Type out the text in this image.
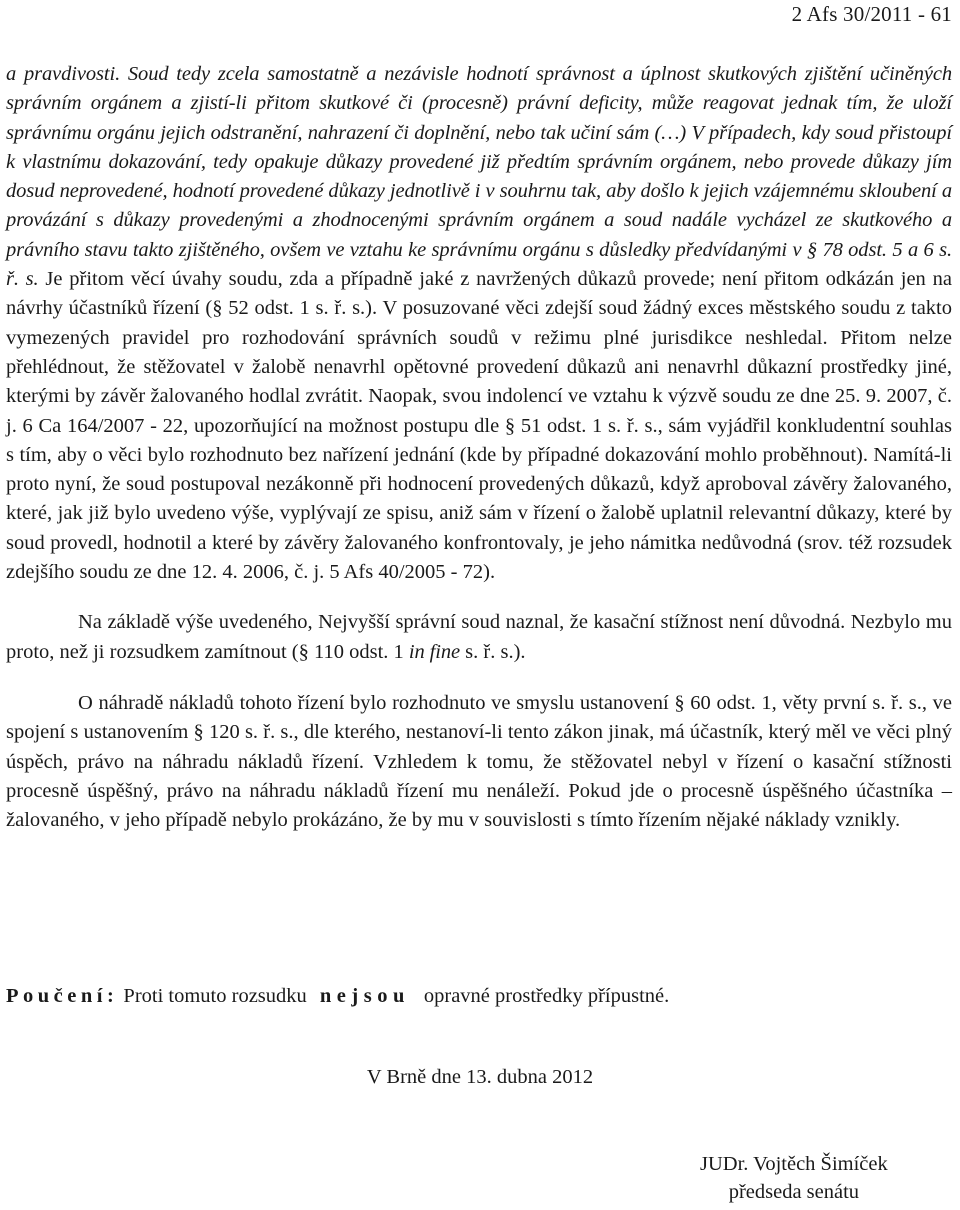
2 Afs 30/2011 - 61

a pravdivosti. Soud tedy zcela samostatně a nezávisle hodnotí správnost a úplnost skutkových zjištění učiněných správním orgánem a zjistí-li přitom skutkové či (procesně) právní deficity, může reagovat jednak tím, že uloží správnímu orgánu jejich odstranění, nahrazení či doplnění, nebo tak učiní sám (…) V případech, kdy soud přistoupí k vlastnímu dokazování, tedy opakuje důkazy provedené již předtím správním orgánem, nebo provede důkazy jím dosud neprovedené, hodnotí provedené důkazy jednotlivě i v souhrnu tak, aby došlo k jejich vzájemnému skloubení a provázání s důkazy provedenými a zhodnocenými správním orgánem a soud nadále vycházel ze skutkového a právního stavu takto zjištěného, ovšem ve vztahu ke správnímu orgánu s důsledky předvídanými v § 78 odst. 5 a 6 s. ř. s. Je přitom věcí úvahy soudu, zda a případně jaké z navržených důkazů provede; není přitom odkázán jen na návrhy účastníků řízení (§ 52 odst. 1 s. ř. s.). V posuzované věci zdejší soud žádný exces městského soudu z takto vymezených pravidel pro rozhodování správních soudů v režimu plné jurisdikce neshledal. Přitom nelze přehlédnout, že stěžovatel v žalobě nenavrhl opětovné provedení důkazů ani nenavrhl důkazní prostředky jiné, kterými by závěr žalovaného hodlal zvrátit. Naopak, svou indolencí ve vztahu k výzvě soudu ze dne 25. 9. 2007, č. j. 6 Ca 164/2007 - 22, upozorňující na možnost postupu dle § 51 odst. 1 s. ř. s., sám vyjádřil konkludentní souhlas s tím, aby o věci bylo rozhodnuto bez nařízení jednání (kde by případné dokazování mohlo proběhnout). Namítá-li proto nyní, že soud postupoval nezákonně při hodnocení provedených důkazů, když aproboval závěry žalovaného, které, jak již bylo uvedeno výše, vyplývají ze spisu, aniž sám v řízení o žalobě uplatnil relevantní důkazy, které by soud provedl, hodnotil a které by závěry žalovaného konfrontovaly, je jeho námitka nedůvodná (srov. též rozsudek zdejšího soudu ze dne 12. 4. 2006, č. j. 5 Afs 40/2005 - 72).

Na základě výše uvedeného, Nejvyšší správní soud naznal, že kasační stížnost není důvodná. Nezbylo mu proto, než ji rozsudkem zamítnout (§ 110 odst. 1 in fine s. ř. s.).

O náhradě nákladů tohoto řízení bylo rozhodnuto ve smyslu ustanovení § 60 odst. 1, věty první s. ř. s., ve spojení s ustanovením § 120 s. ř. s., dle kterého, nestanoví-li tento zákon jinak, má účastník, který měl ve věci plný úspěch, právo na náhradu nákladů řízení. Vzhledem k tomu, že stěžovatel nebyl v řízení o kasační stížnosti procesně úspěšný, právo na náhradu nákladů řízení mu nenáleží. Pokud jde o procesně úspěšného účastníka – žalovaného, v jeho případě nebylo prokázáno, že by mu v souvislosti s tímto řízením nějaké náklady vznikly.

Poučení: Proti tomuto rozsudku nejsou opravné prostředky přípustné.
V Brně dne 13. dubna 2012
JUDr. Vojtěch Šimíček
předseda senátu
